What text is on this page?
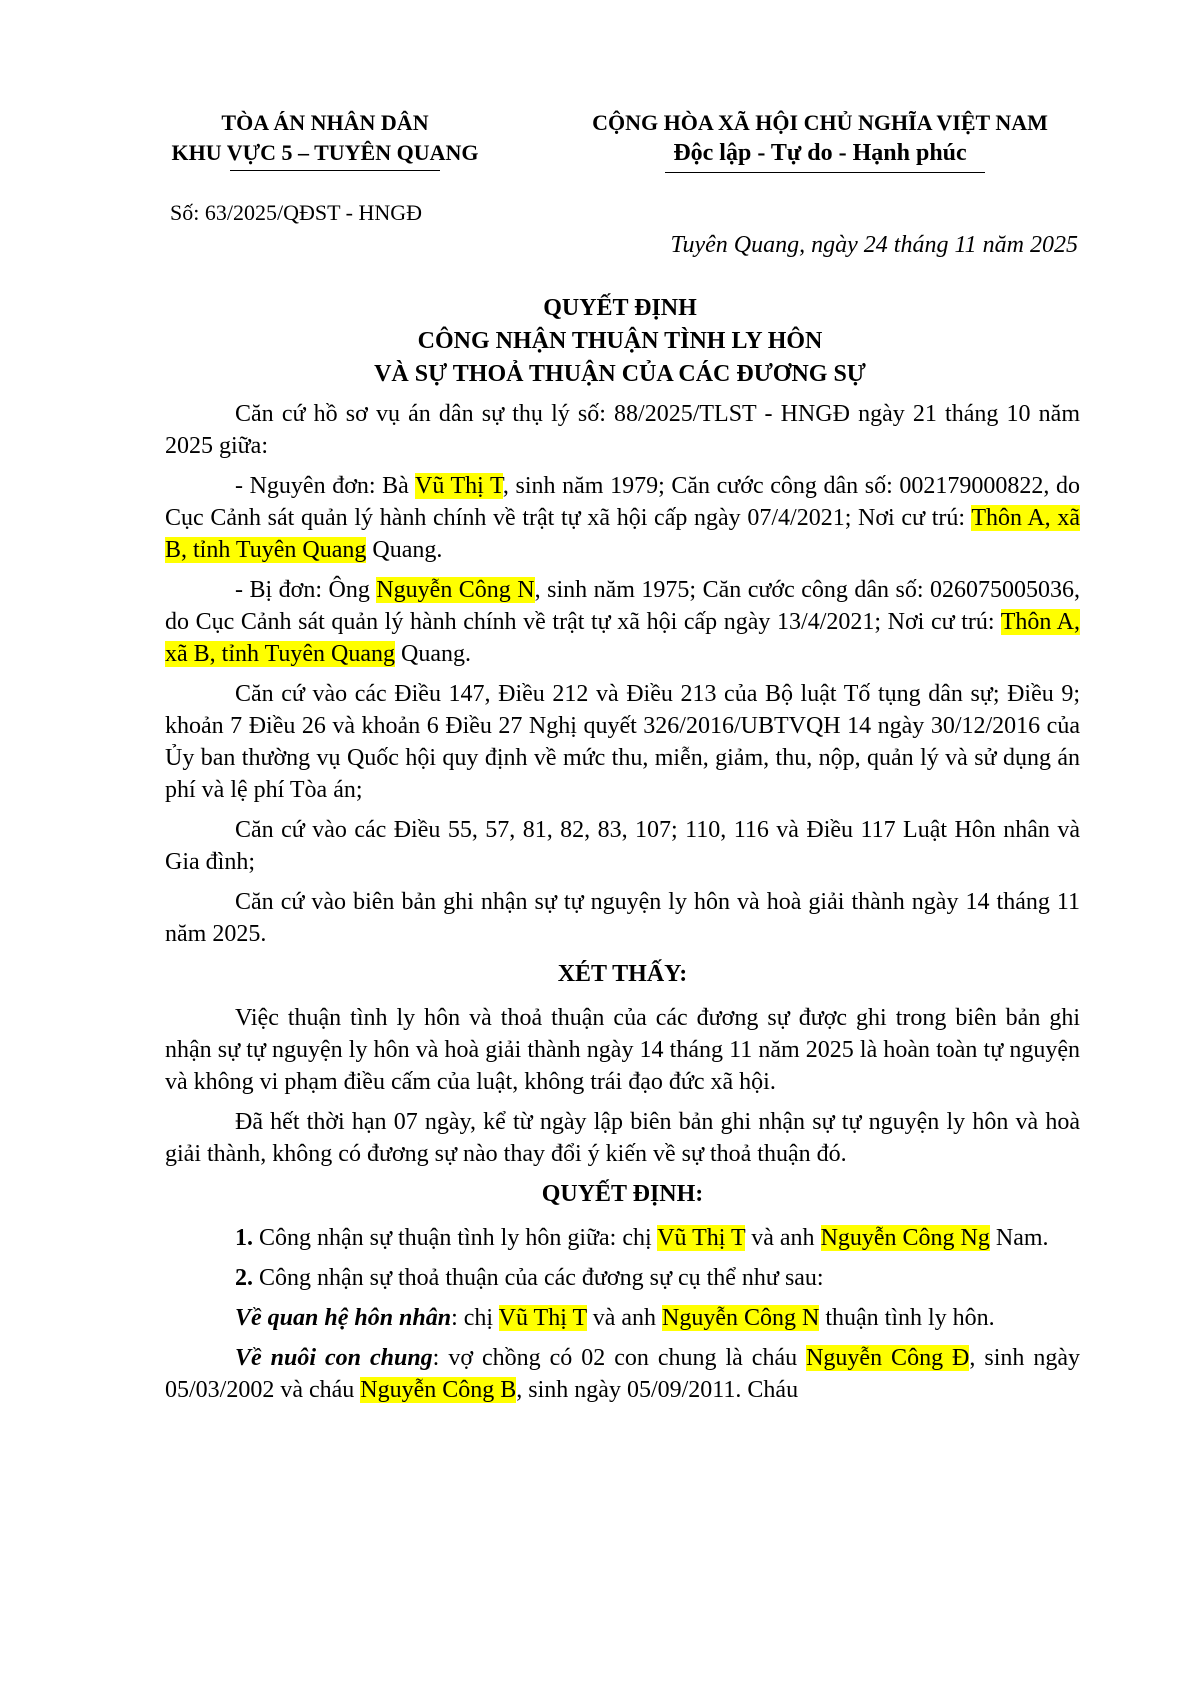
TÒA ÁN NHÂN DÂN
KHU VỰC 5 – TUYÊN QUANG
CỘNG HÒA XÃ HỘI CHỦ NGHĨA VIỆT NAM
Độc lập - Tự do - Hạnh phúc
Số: 63/2025/QĐST - HNGĐ
Tuyên Quang, ngày 24 tháng 11 năm 2025
QUYẾT ĐỊNH
CÔNG NHẬN THUẬN TÌNH LY HÔN
VÀ SỰ THOẢ THUẬN CỦA CÁC ĐƯƠNG SỰ

Căn cứ hồ sơ vụ án dân sự thụ lý số: 88/2025/TLST - HNGĐ ngày 21 tháng 10 năm 2025 giữa:

- Nguyên đơn: Bà Vũ Thị T, sinh năm 1979; Căn cước công dân số: 002179000822, do Cục Cảnh sát quản lý hành chính về trật tự xã hội cấp ngày 07/4/2021; Nơi cư trú: Thôn A, xã B, tỉnh Tuyên Quang Quang.

- Bị đơn: Ông Nguyễn Công N, sinh năm 1975; Căn cước công dân số: 026075005036, do Cục Cảnh sát quản lý hành chính về trật tự xã hội cấp ngày 13/4/2021; Nơi cư trú: Thôn A, xã B, tỉnh Tuyên Quang Quang.

Căn cứ vào các Điều 147, Điều 212 và Điều 213 của Bộ luật Tố tụng dân sự; Điều 9; khoản 7 Điều 26 và khoản 6 Điều 27 Nghị quyết 326/2016/UBTVQH 14 ngày 30/12/2016 của Ủy ban thường vụ Quốc hội quy định về mức thu, miễn, giảm, thu, nộp, quản lý và sử dụng án phí và lệ phí Tòa án;

Căn cứ vào các Điều 55, 57, 81, 82, 83, 107; 110, 116 và Điều 117 Luật Hôn nhân và Gia đình;

Căn cứ vào biên bản ghi nhận sự tự nguyện ly hôn và hoà giải thành ngày 14 tháng 11 năm 2025.

XÉT THẤY:

Việc thuận tình ly hôn và thoả thuận của các đương sự được ghi trong biên bản ghi nhận sự tự nguyện ly hôn và hoà giải thành ngày 14 tháng 11 năm 2025 là hoàn toàn tự nguyện và không vi phạm điều cấm của luật, không trái đạo đức xã hội.

Đã hết thời hạn 07 ngày, kể từ ngày lập biên bản ghi nhận sự tự nguyện ly hôn và hoà giải thành, không có đương sự nào thay đổi ý kiến về sự thoả thuận đó.

QUYẾT ĐỊNH:

1. Công nhận sự thuận tình ly hôn giữa: chị Vũ Thị T và anh Nguyễn Công Ng Nam.

2. Công nhận sự thoả thuận của các đương sự cụ thể như sau:

Về quan hệ hôn nhân: chị Vũ Thị T và anh Nguyễn Công N thuận tình ly hôn.

Về nuôi con chung: vợ chồng có 02 con chung là cháu Nguyễn Công Đ, sinh ngày 05/03/2002 và cháu Nguyễn Công B, sinh ngày 05/09/2011. Cháu
